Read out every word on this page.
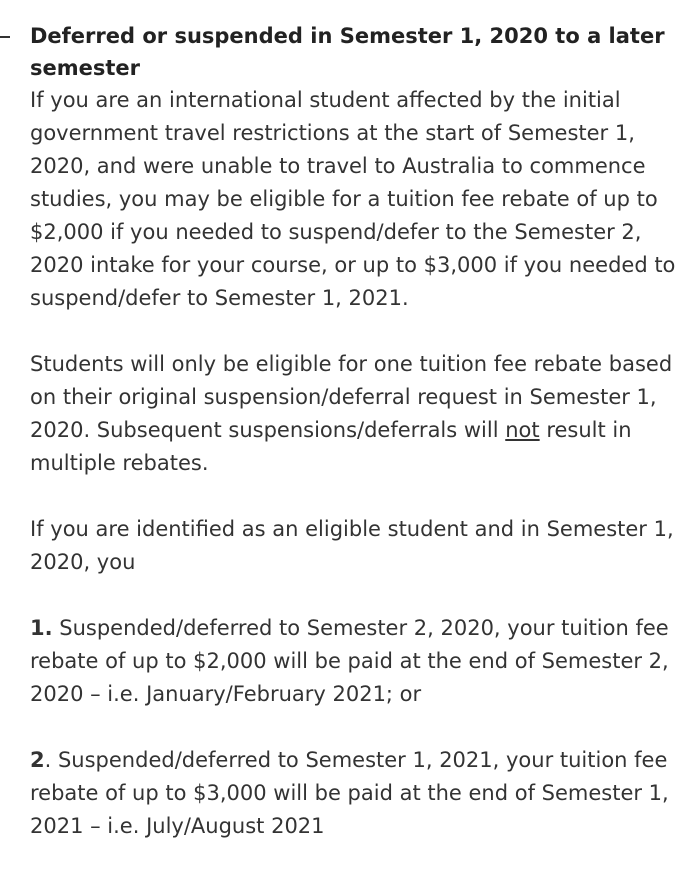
Deferred or suspended in Semester 1, 2020 to a later semester

If you are an international student affected by the initial government travel restrictions at the start of Semester 1, 2020, and were unable to travel to Australia to commence studies, you may be eligible for a tuition fee rebate of up to $2,000 if you needed to suspend/defer to the Semester 2, 2020 intake for your course, or up to $3,000 if you needed to suspend/defer to Semester 1, 2021.

Students will only be eligible for one tuition fee rebate based on their original suspension/deferral request in Semester 1, 2020. Subsequent suspensions/deferrals will not result in multiple rebates.

If you are identified as an eligible student and in Semester 1, 2020, you

1. Suspended/deferred to Semester 2, 2020, your tuition fee rebate of up to $2,000 will be paid at the end of Semester 2, 2020 – i.e. January/February 2021; or

2. Suspended/deferred to Semester 1, 2021, your tuition fee rebate of up to $3,000 will be paid at the end of Semester 1, 2021 – i.e. July/August 2021
